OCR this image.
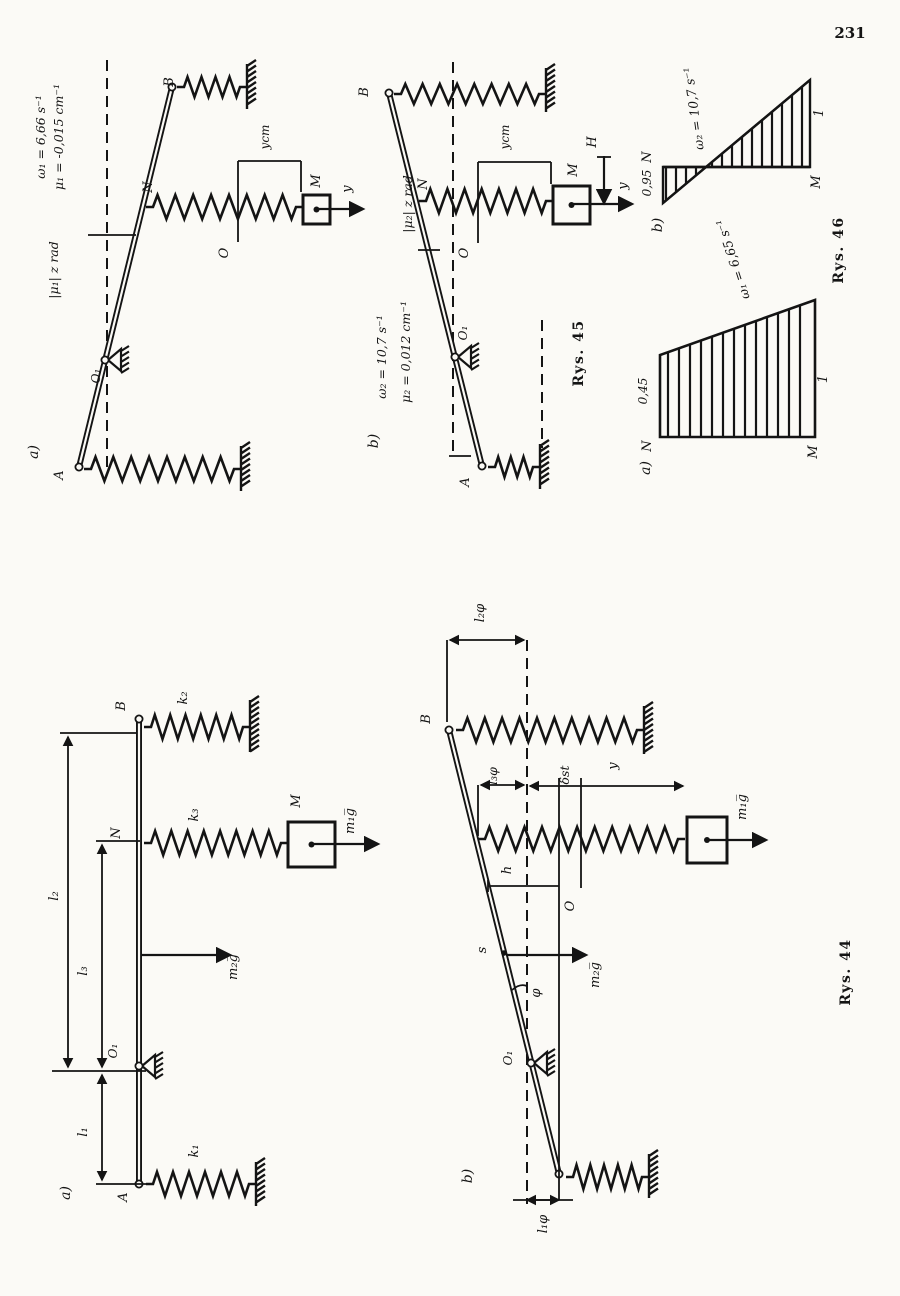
231
Rys. 45
Rys. 46
Rys. 44
ω₁ = 6,66 s⁻¹ μ₁ = -0,015 cm⁻¹
|μ₁| z rad
a)
A
B
N	M
O
O₁
y
ycm
ω₂ = 10,7 s⁻¹ μ₂ = 0,012 cm⁻¹
|μ₂| z rad
b)
A
B
N
M
O
O₁
y
ycm	H
a)	A
B
N
O₁
M
k₂
k₃
k₁
l₂
l₃
l₁
m₁g̅
m₂g̅
b)
B
O₁
l₂φ
l₃φ	δst	y
O
h
s
φ
m₂g̅
m₁g̅
l₁φ
a)
N
0,45	1
M
ω₁ = 6,65 s⁻¹
b)
N
0,95
1
M
ω₂ = 10,7 s⁻¹
